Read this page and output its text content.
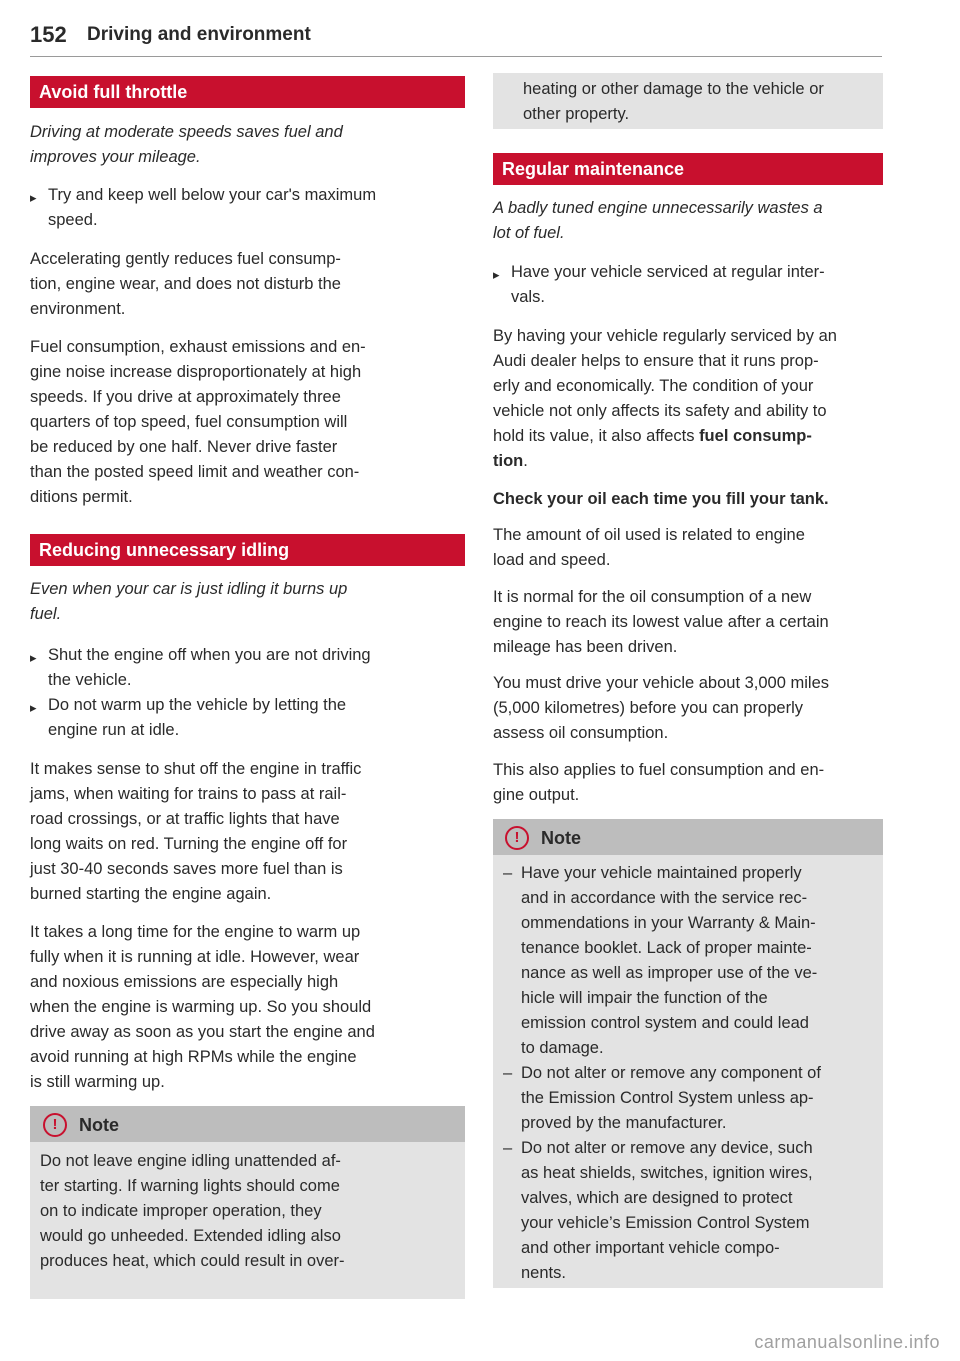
152 Driving and environment
Avoid full throttle

Driving at moderate speeds saves fuel and

improves your mileage.

▸ Try and keep well below your car's maximum

speed.

Accelerating gently reduces fuel consump-

tion, engine wear, and does not disturb the

environment.

Fuel consumption, exhaust emissions and en-

gine noise increase disproportionately at high

speeds. If you drive at approximately three

quarters of top speed, fuel consumption will

be reduced by one half. Never drive faster

than the posted speed limit and weather con-

ditions permit.

Reducing unnecessary idling

Even when your car is just idling it burns up

fuel.

▸ Shut the engine off when you are not driving

the vehicle.

▸ Do not warm up the vehicle by letting the

engine run at idle.

It makes sense to shut off the engine in traffic

jams, when waiting for trains to pass at rail-

road crossings, or at traffic lights that have

long waits on red. Turning the engine off for

just 30-40 seconds saves more fuel than is

burned starting the engine again.

It takes a long time for the engine to warm up

fully when it is running at idle. However, wear

and noxious emissions are especially high

when the engine is warming up. So you should

drive away as soon as you start the engine and

avoid running at high RPMs while the engine

is still warming up.

!	Note

Do not leave engine idling unattended af-

ter starting. If warning lights should come

on to indicate improper operation, they

would go unheeded. Extended idling also

produces heat, which could result in over-

heating or other damage to the vehicle or

other property.

Regular maintenance

A badly tuned engine unnecessarily wastes a

lot of fuel.

▸ Have your vehicle serviced at regular inter-

vals.

By having your vehicle regularly serviced by an

Audi dealer helps to ensure that it runs prop-

erly and economically. The condition of your

vehicle not only affects its safety and ability to

hold its value, it also affects fuel consump-

tion.

Check your oil each time you fill your tank.

The amount of oil used is related to engine

load and speed.

It is normal for the oil consumption of a new

engine to reach its lowest value after a certain

mileage has been driven.

You must drive your vehicle about 3,000 miles

(5,000 kilometres) before you can properly

assess oil consumption.

This also applies to fuel consumption and en-

gine output.

!	Note
– Have your vehicle maintained properly

and in accordance with the service rec-

ommendations in your Warranty & Main-

tenance booklet. Lack of proper mainte-

nance as well as improper use of the ve-

hicle will impair the function of the

emission control system and could lead

to damage.

– Do not alter or remove any component of

the Emission Control System unless ap-

proved by the manufacturer.

– Do not alter or remove any device, such

as heat shields, switches, ignition wires,

valves, which are designed to protect

your vehicle’s Emission Control System

and other important vehicle compo-

nents.

carmanualsonline.info
